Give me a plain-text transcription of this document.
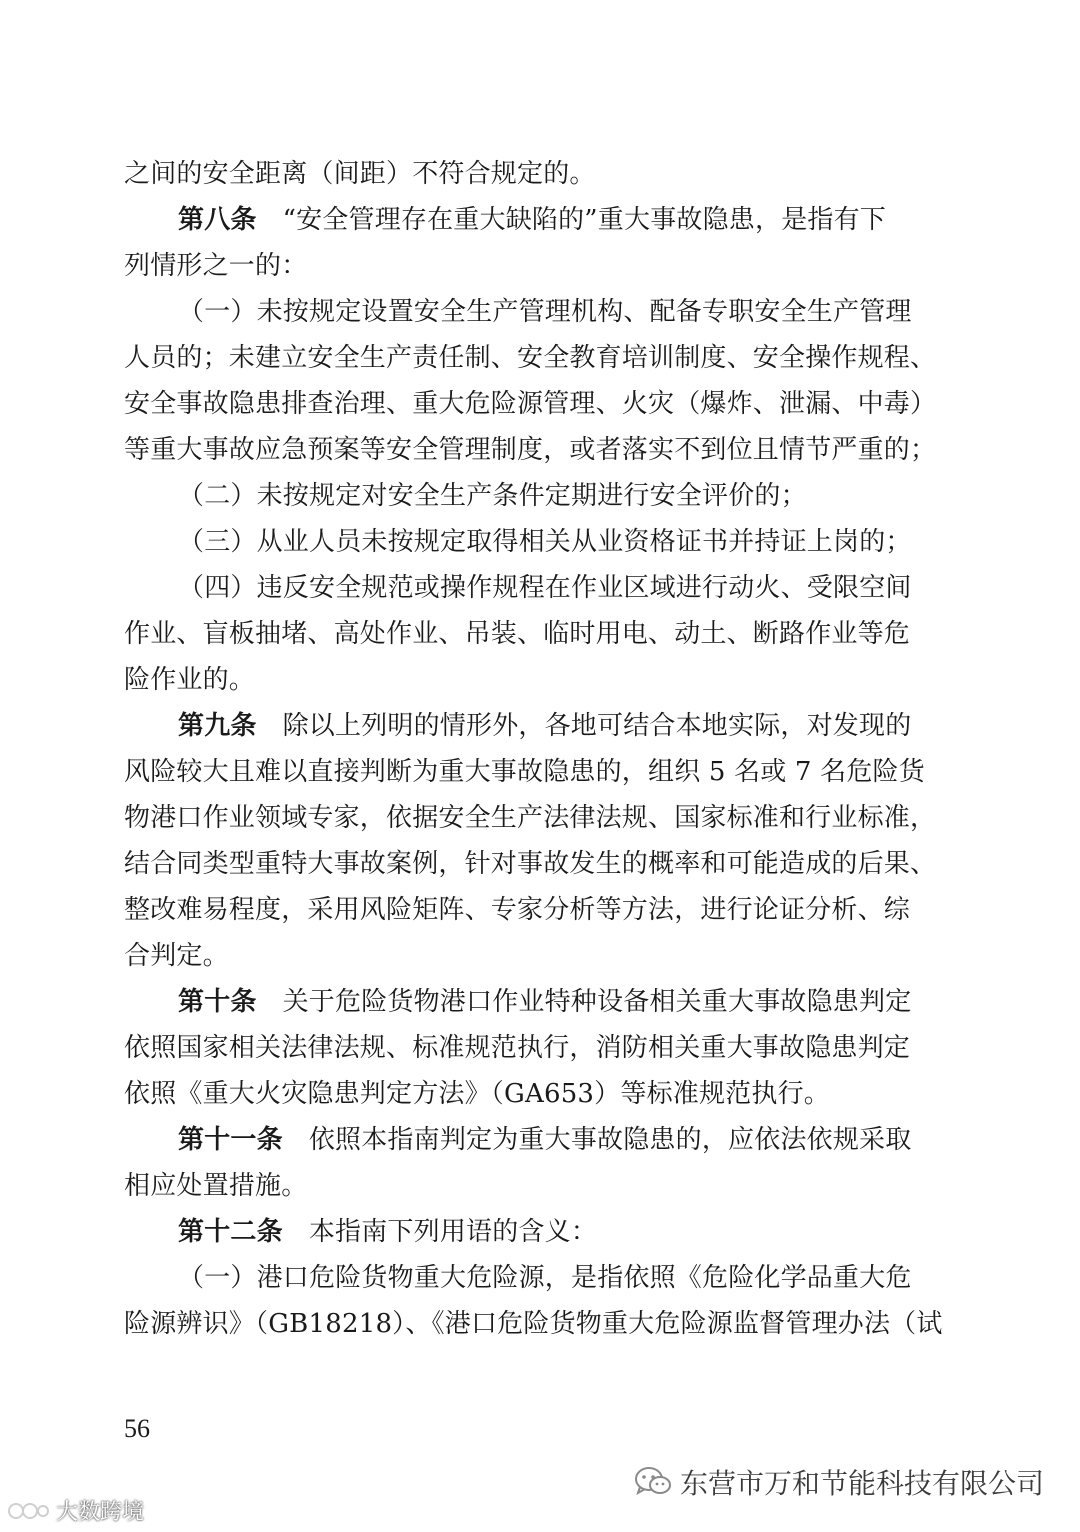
之间的安全距离（间距）不符合规定的。
第八条 “安全管理存在重大缺陷的”重大事故隐患，是指有下
列情形之一的：
（一）未按规定设置安全生产管理机构、配备专职安全生产管理
人员的；未建立安全生产责任制、安全教育培训制度、安全操作规程、
安全事故隐患排查治理、重大危险源管理、火灾（爆炸、泄漏、中毒）
等重大事故应急预案等安全管理制度，或者落实不到位且情节严重的；
（二）未按规定对安全生产条件定期进行安全评价的；
（三）从业人员未按规定取得相关从业资格证书并持证上岗的；
（四）违反安全规范或操作规程在作业区域进行动火、受限空间
作业、盲板抽堵、高处作业、吊装、临时用电、动土、断路作业等危
险作业的。
第九条 除以上列明的情形外，各地可结合本地实际，对发现的
风险较大且难以直接判断为重大事故隐患的，组织 5 名或 7 名危险货
物港口作业领域专家，依据安全生产法律法规、国家标准和行业标准，
结合同类型重特大事故案例，针对事故发生的概率和可能造成的后果、
整改难易程度，采用风险矩阵、专家分析等方法，进行论证分析、综
合判定。
第十条 关于危险货物港口作业特种设备相关重大事故隐患判定
依照国家相关法律法规、标准规范执行，消防相关重大事故隐患判定
依照《重大火灾隐患判定方法》（GA653）等标准规范执行。
第十一条 依照本指南判定为重大事故隐患的，应依法依规采取
相应处置措施。
第十二条 本指南下列用语的含义：
（一）港口危险货物重大危险源，是指依照《危险化学品重大危
险源辨识》（GB18218）、《港口危险货物重大危险源监督管理办法（试
56
东营市万和节能科技有限公司
大数跨境
